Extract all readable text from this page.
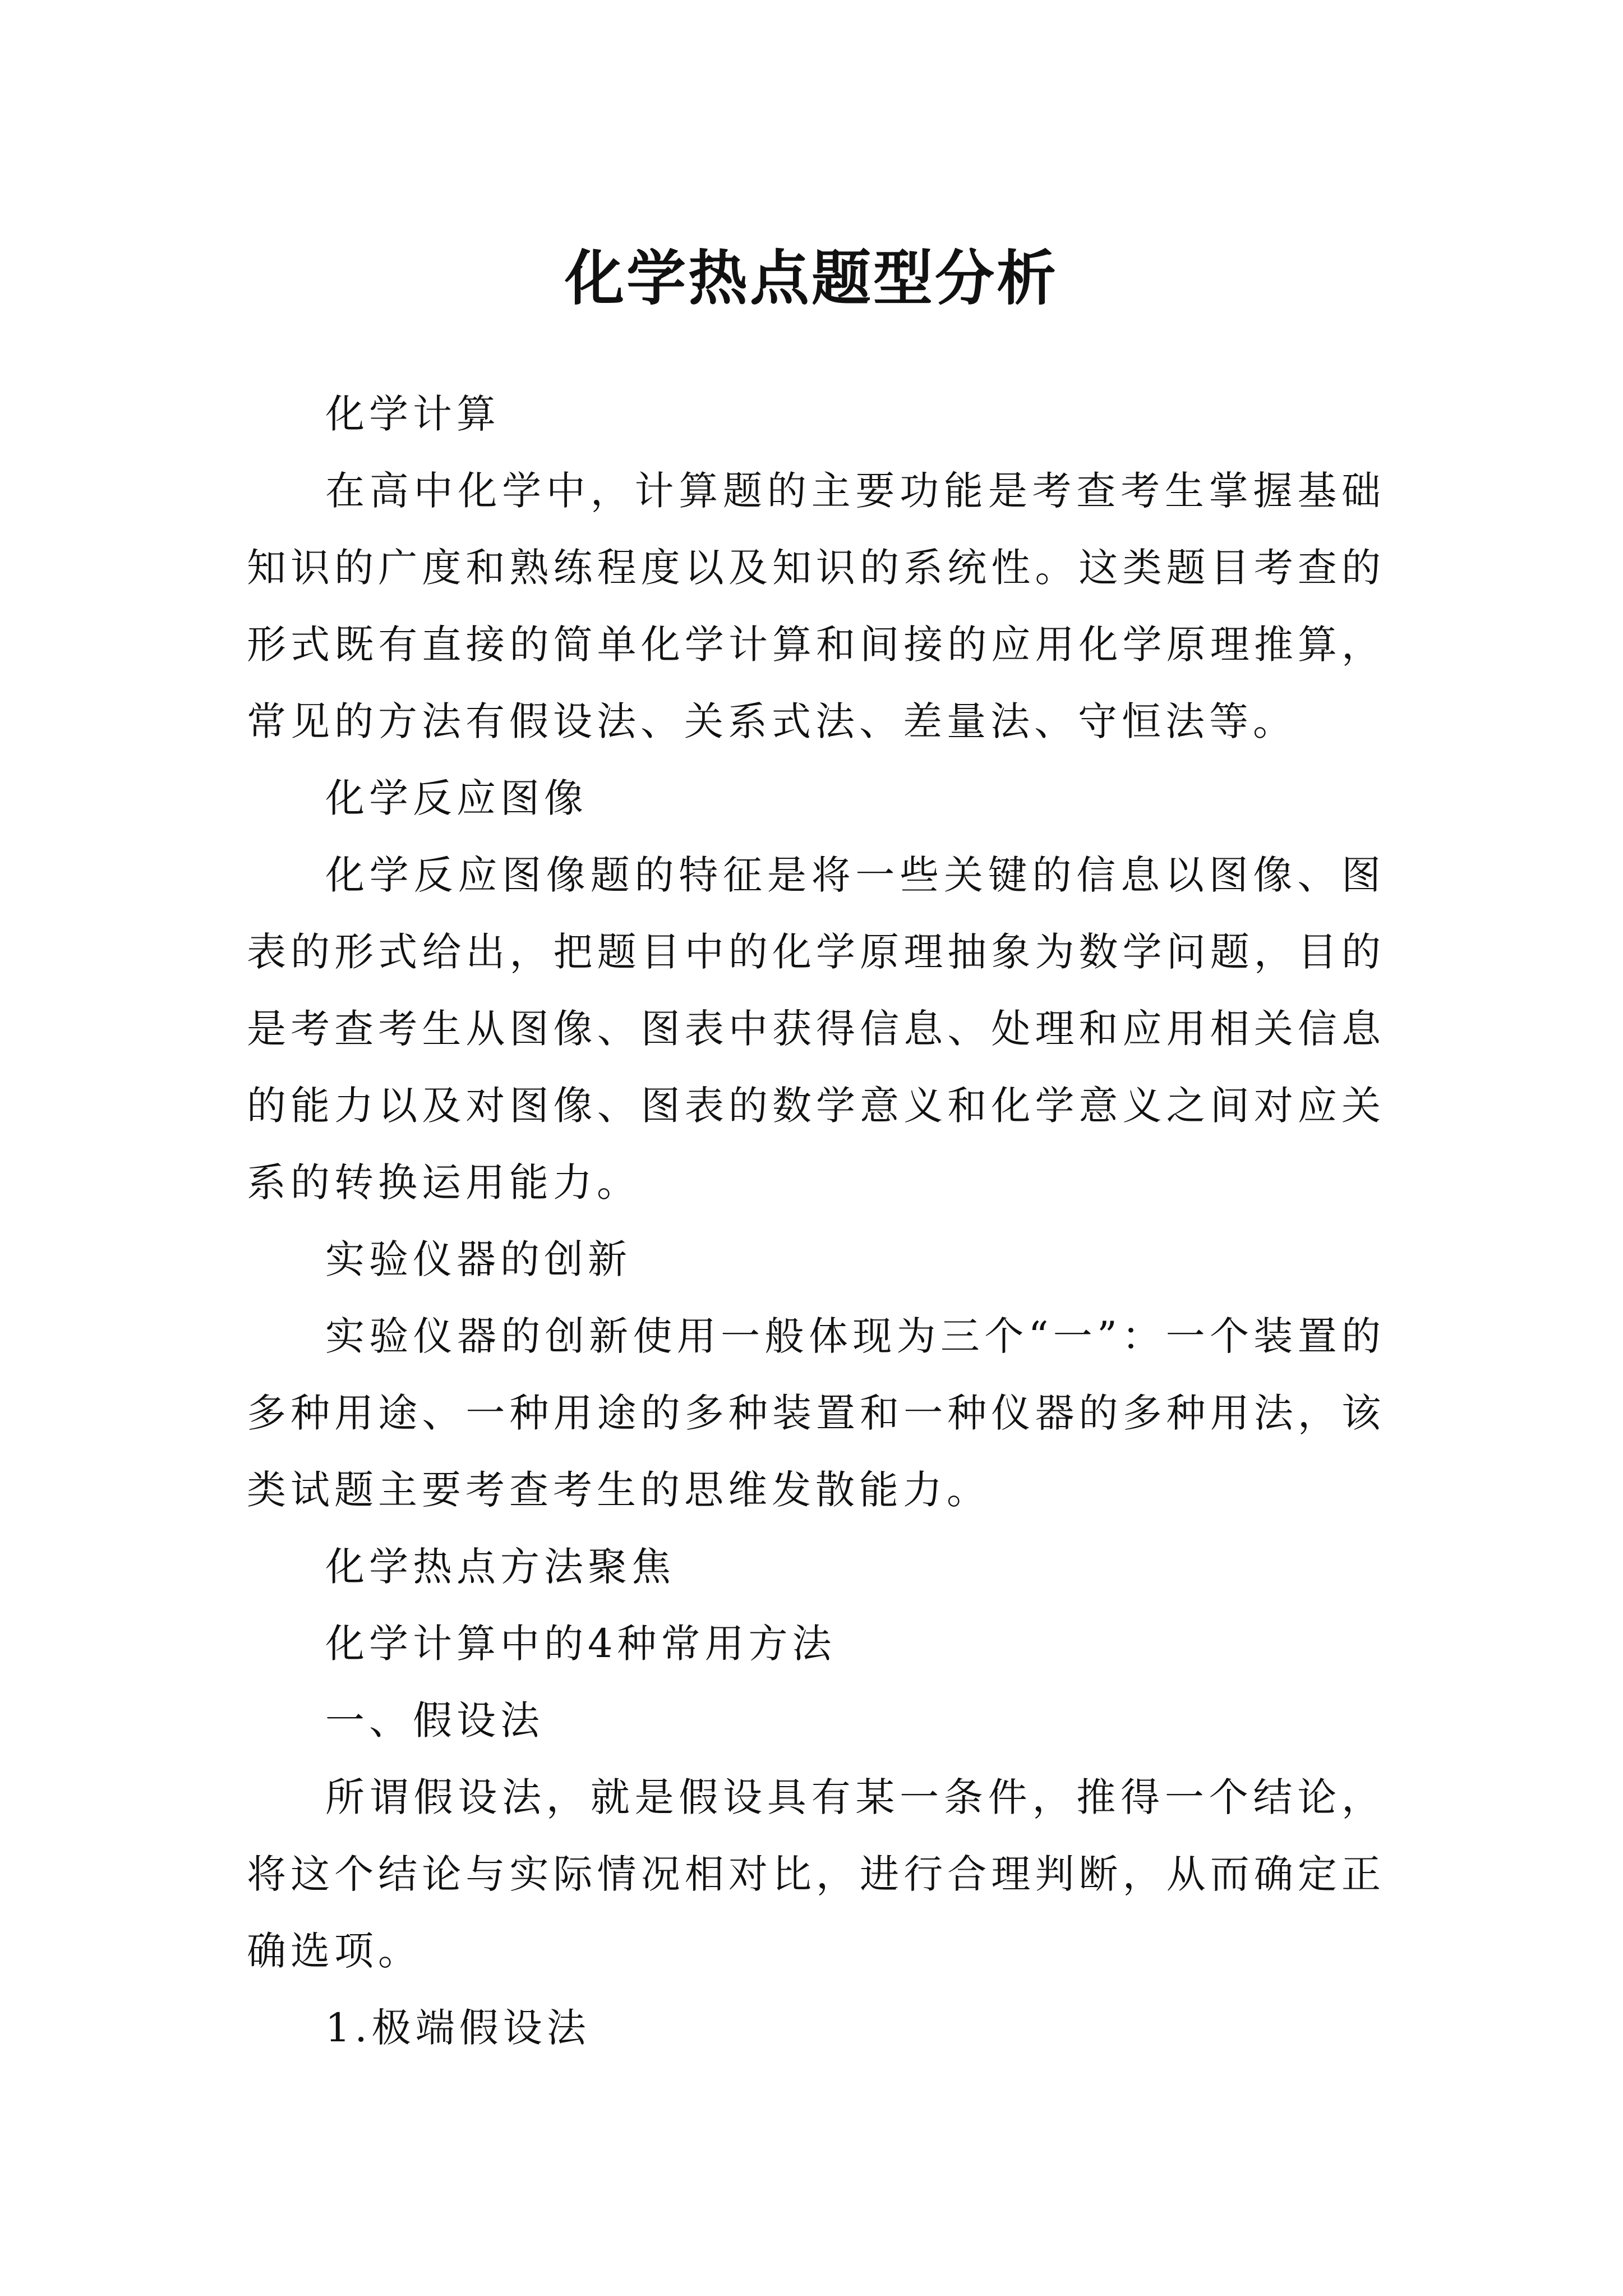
化学热点题型分析

化学计算

在高中化学中，计算题的主要功能是考查考生掌握基础知识的广度和熟练程度以及知识的系统性。这类题目考查的形式既有直接的简单化学计算和间接的应用化学原理推算，常见的方法有假设法、关系式法、差量法、守恒法等。

化学反应图像

化学反应图像题的特征是将一些关键的信息以图像、图表的形式给出，把题目中的化学原理抽象为数学问题，目的是考查考生从图像、图表中获得信息、处理和应用相关信息的能力以及对图像、图表的数学意义和化学意义之间对应关系的转换运用能力。

实验仪器的创新

实验仪器的创新使用一般体现为三个“一”：一个装置的多种用途、一种用途的多种装置和一种仪器的多种用法，该类试题主要考查考生的思维发散能力。

化学热点方法聚焦

化学计算中的4种常用方法

一、假设法

所谓假设法，就是假设具有某一条件，推得一个结论，将这个结论与实际情况相对比，进行合理判断，从而确定正确选项。

1.极端假设法
